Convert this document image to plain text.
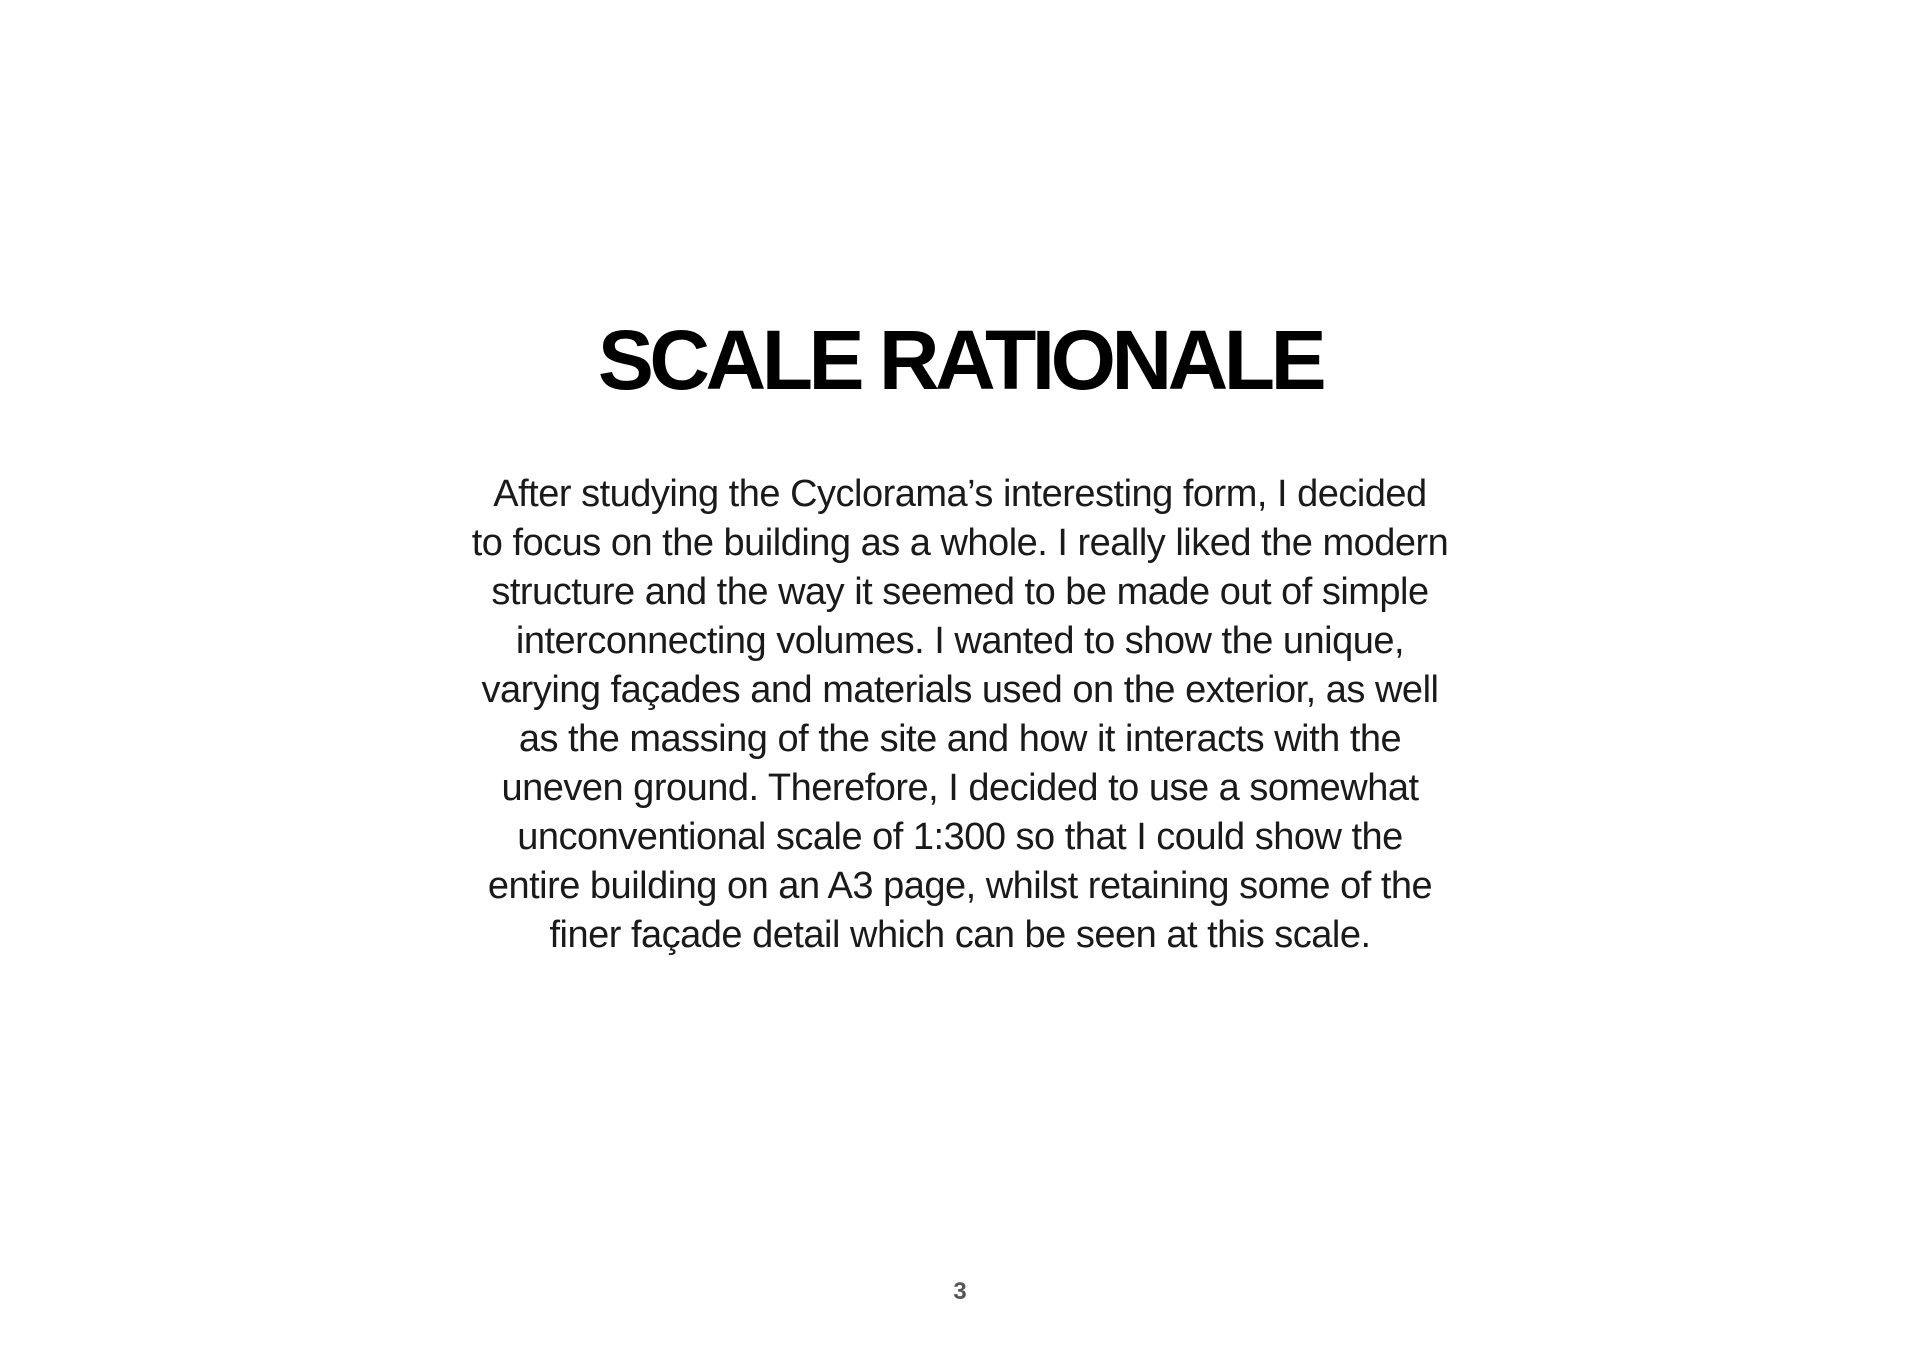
SCALE RATIONALE
After studying the Cyclorama’s interesting form, I decided
to focus on the building as a whole. I really liked the modern
structure and the way it seemed to be made out of simple
interconnecting volumes. I wanted to show the unique,
varying façades and materials used on the exterior, as well
as the massing of the site and how it interacts with the
uneven ground. Therefore, I decided to use a somewhat
unconventional scale of 1:300 so that I could show the
entire building on an A3 page, whilst retaining some of the
finer façade detail which can be seen at this scale.
3
